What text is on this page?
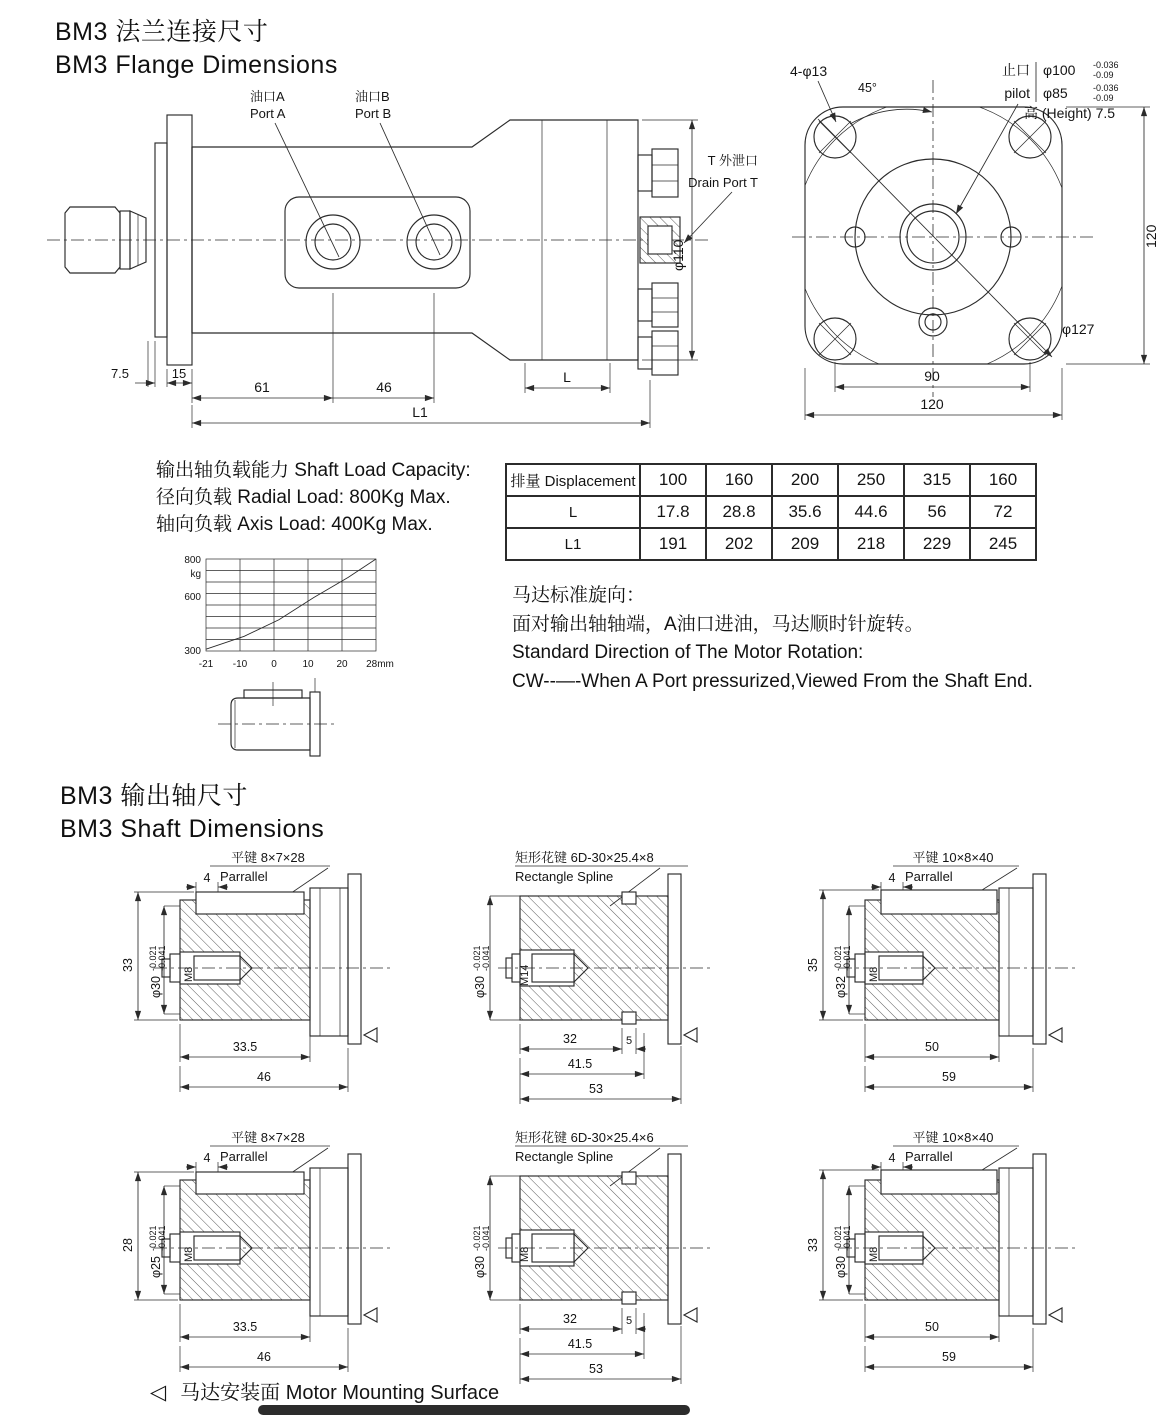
BM3 法兰连接尺寸
BM3 Flange Dimensions
油口A
Port A
油口B
Port B
T 外泄口
Drain Port T
φ110
7.5	15
61	46
L
L1
φ127
45°
4-φ13	止口
pilot
φ100 -0.036
-0.09
φ85	-0.036
-0.09
高 (Height) 7.5
120
90
120
输出轴负载能力 Shaft Load Capacity:
径向负载 Radial Load: 800Kg Max.
轴向负载 Axis Load: 400Kg Max.
排量 Displacement	100	160	200	250	315	160
L	17.8	28.8	35.6	44.6	56	72
L1	191	202	209	218	229	245
800
kg
600
300
-21 -10 0	10 20 28mm
马达标准旋向：
面对输出轴轴端，A油口进油，马达顺时针旋转。
Standard Direction of The Motor Rotation:
CW--—-When A Port pressurized,Viewed From the Shaft End.
BM3 输出轴尺寸
BM3 Shaft Dimensions
平键 8×7×28
Parrallel
4
33
φ30
-0.021 -0.041
M8
33.5
46
矩形花键 6D-30×25.4×8
Rectangle Spline
φ30
-0.021 -0.041
M14
32	5
41.5
53
平键 10×8×40
Parrallel
4
35
φ32
-0.021 -0.041
M8
50
59
平键 8×7×28
Parrallel
4
28
φ25
-0.021 -0.041
M8
33.5
46
矩形花键 6D-30×25.4×6
Rectangle Spline
φ30
-0.021 -0.041
M8
32	5
41.5
53
平键 10×8×40
Parrallel
4
33
φ30
-0.021 -0.041
M8
50
59
◁ 马达安装面 Motor Mounting Surface
